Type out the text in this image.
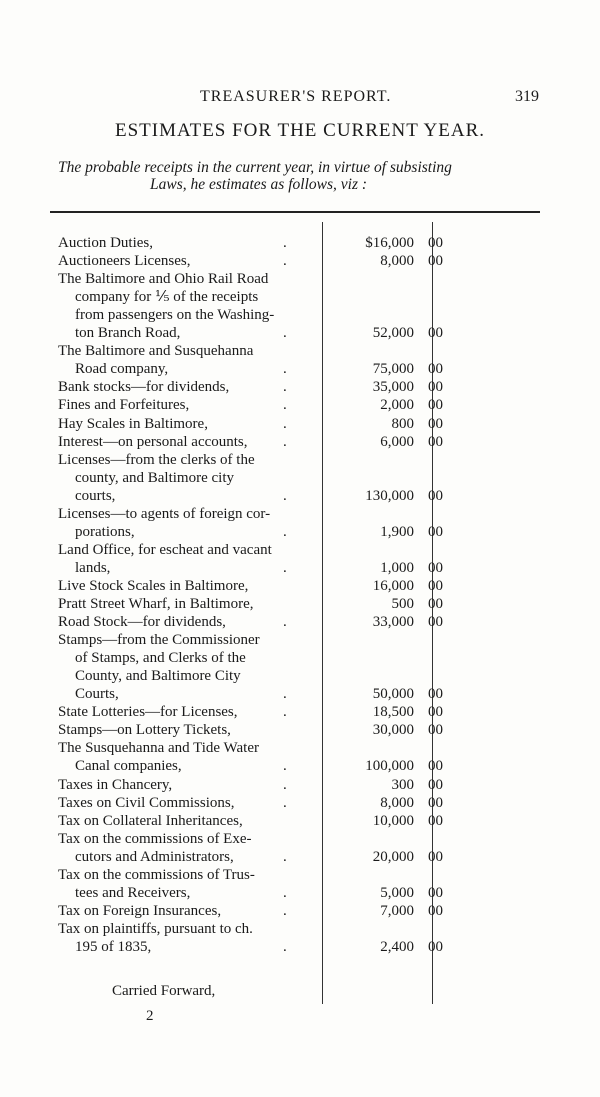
TREASURER'S REPORT.	319
ESTIMATES FOR THE CURRENT YEAR.
The probable receipts in the current year, in virtue of subsisting
Laws, he estimates as follows, viz :
Auction Duties,	.	$16,000 00
Auctioneers Licenses,	.	8,000 00
The Baltimore and Ohio Rail Road
company for ⅕ of the receipts
from passengers on the Washing-
ton Branch Road,	.	52,000 00
The Baltimore and Susquehanna
Road company,	.	75,000 00
Bank stocks—for dividends,	.	35,000 00
Fines and Forfeitures,	.	2,000 00
Hay Scales in Baltimore,	.	800 00
Interest—on personal accounts, .	6,000 00
Licenses—from the clerks of the
county, and Baltimore city
courts,	.	130,000 00
Licenses—to agents of foreign cor-
porations,	.	1,900 00
Land Office, for escheat and vacant
lands,	.	1,000 00
Live Stock Scales in Baltimore,	16,000 00
Pratt Street Wharf, in Baltimore,	500 00
Road Stock—for dividends,	.	33,000 00
Stamps—from the Commissioner
of Stamps, and Clerks of the
County, and Baltimore City
Courts,	.	50,000 00
State Lotteries—for Licenses,	.	18,500 00
Stamps—on Lottery Tickets,	30,000 00
The Susquehanna and Tide Water
Canal companies,	.	100,000 00
Taxes in Chancery,	.	300 00
Taxes on Civil Commissions,	.	8,000 00
Tax on Collateral Inheritances,	10,000 00
Tax on the commissions of Exe-
cutors and Administrators,	.	20,000 00
Tax on the commissions of Trus-
tees and Receivers,	.	5,000 00
Tax on Foreign Insurances,	.	7,000 00
Tax on plaintiffs, pursuant to ch.
195 of 1835,	.	2,400 00
Carried Forward,
2
